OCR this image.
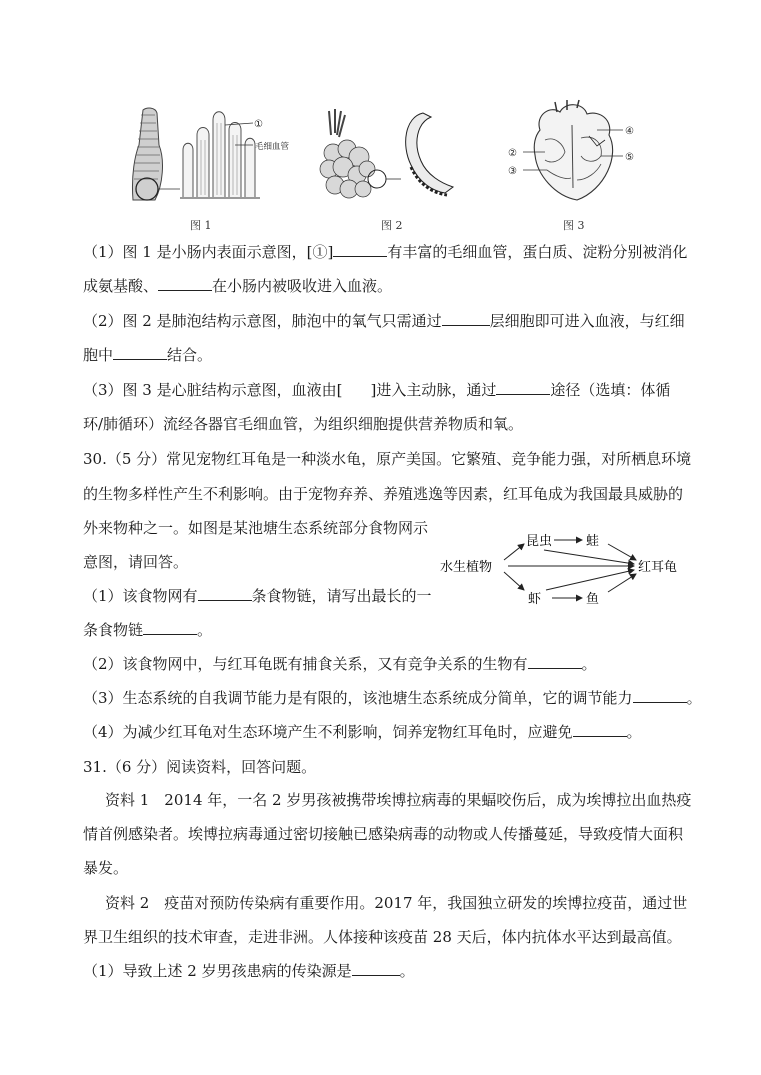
①
毛细血管
②
③
④
⑤
图 1	图 2	图 3
（1）图 1 是小肠内表面示意图，[①]	有丰富的毛细血管，蛋白质、淀粉分别被消化
成氨基酸、	在小肠内被吸收进入血液。
（2）图 2 是肺泡结构示意图，肺泡中的氧气只需通过	层细胞即可进入血液，与红细
胞中	结合。
（3）图 3 是心脏结构示意图，血液由[ ]进入主动脉，通过	途径（选填：体循
环/肺循环）流经各器官毛细血管，为组织细胞提供营养物质和氧。
30.（5 分）常见宠物红耳龟是一种淡水龟，原产美国。它繁殖、竞争能力强，对所栖息环境
的生物多样性产生不利影响。由于宠物弃养、养殖逃逸等因素，红耳龟成为我国最具威胁的
外来物种之一。如图是某池塘生态系统部分食物网示
意图，请回答。
（1）该食物网有	条食物链，请写出最长的一
条食物链	。
（2）该食物网中，与红耳龟既有捕食关系，又有竞争关系的生物有	。
（3）生态系统的自我调节能力是有限的，该池塘生态系统成分简单，它的调节能力	。
（4）为减少红耳龟对生态环境产生不利影响，饲养宠物红耳龟时，应避免	。
水生植物
昆虫	蛙
红耳龟
虾	鱼
31.（6 分）阅读资料，回答问题。
资料 1　2014 年，一名 2 岁男孩被携带埃博拉病毒的果蝠咬伤后，成为埃博拉出血热疫
情首例感染者。埃博拉病毒通过密切接触已感染病毒的动物或人传播蔓延，导致疫情大面积
暴发。
资料 2　疫苗对预防传染病有重要作用。2017 年，我国独立研发的埃博拉疫苗，通过世
界卫生组织的技术审查，走进非洲。人体接种该疫苗 28 天后，体内抗体水平达到最高值。
（1）导致上述 2 岁男孩患病的传染源是	。
